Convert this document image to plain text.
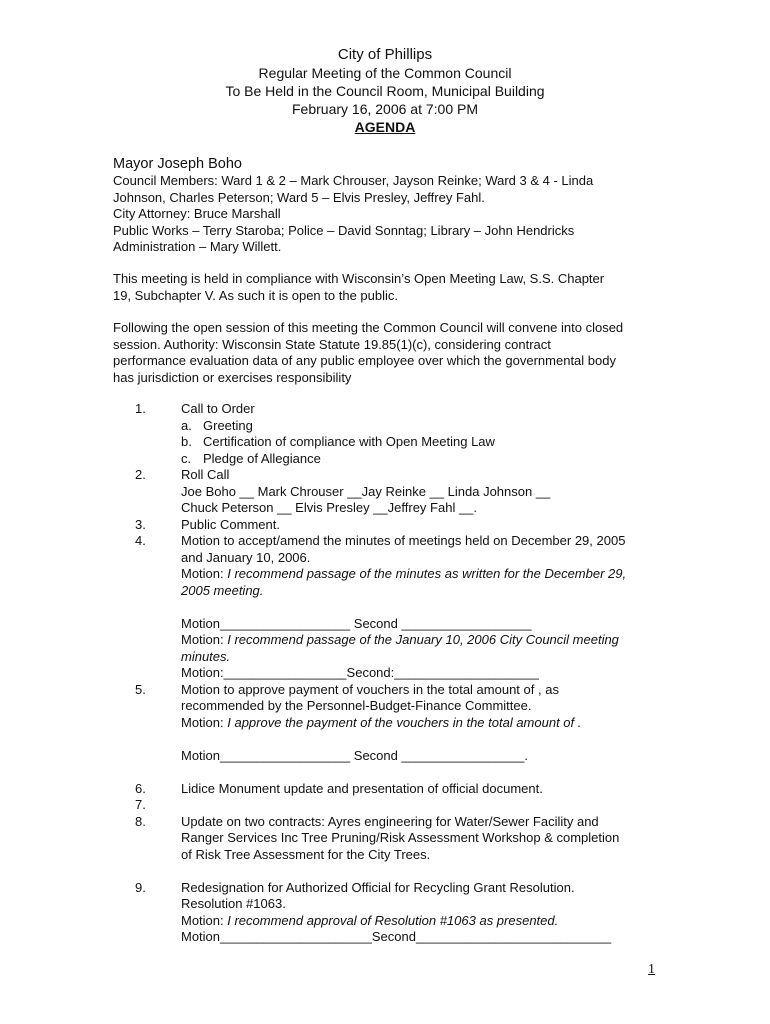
City of Phillips
Regular Meeting of the Common Council
To Be Held in the Council Room, Municipal Building
February 16, 2006 at 7:00 PM
AGENDA
Mayor Joseph Boho
Council Members: Ward 1 & 2 – Mark Chrouser, Jayson Reinke; Ward 3 & 4 - Linda
Johnson, Charles Peterson; Ward 5 – Elvis Presley, Jeffrey Fahl.
City Attorney: Bruce Marshall
Public Works – Terry Staroba; Police – David Sonntag; Library – John Hendricks
Administration – Mary Willett.
This meeting is held in compliance with Wisconsin’s Open Meeting Law, S.S. Chapter
19, Subchapter V. As such it is open to the public.
Following the open session of this meeting the Common Council will convene into closed
session. Authority: Wisconsin State Statute 19.85(1)(c), considering contract
performance evaluation data of any public employee over which the governmental body
has jurisdiction or exercises responsibility
1.	Call to Order
a. Greeting
b. Certification of compliance with Open Meeting Law
c. Pledge of Allegiance
2.	Roll Call
Joe Boho __ Mark Chrouser __Jay Reinke __ Linda Johnson __
Chuck Peterson __ Elvis Presley __Jeffrey Fahl __.
3.	Public Comment.
4.	Motion to accept/amend the minutes of meetings held on December 29, 2005
and January 10, 2006.
Motion: I recommend passage of the minutes as written for the December 29,
2005 meeting.
Motion__________________ Second __________________
Motion: I recommend passage of the January 10, 2006 City Council meeting
minutes.
Motion:_________________Second:____________________
5.	Motion to approve payment of vouchers in the total amount of , as
recommended by the Personnel-Budget-Finance Committee.
Motion: I approve the payment of the vouchers in the total amount of .
Motion__________________ Second _________________.
6.	Lidice Monument update and presentation of official document.
7.
8.	Update on two contracts: Ayres engineering for Water/Sewer Facility and
Ranger Services Inc Tree Pruning/Risk Assessment Workshop & completion
of Risk Tree Assessment for the City Trees.
9.	Redesignation for Authorized Official for Recycling Grant Resolution.
Resolution #1063.
Motion: I recommend approval of Resolution #1063 as presented.
Motion_____________________Second___________________________
1
